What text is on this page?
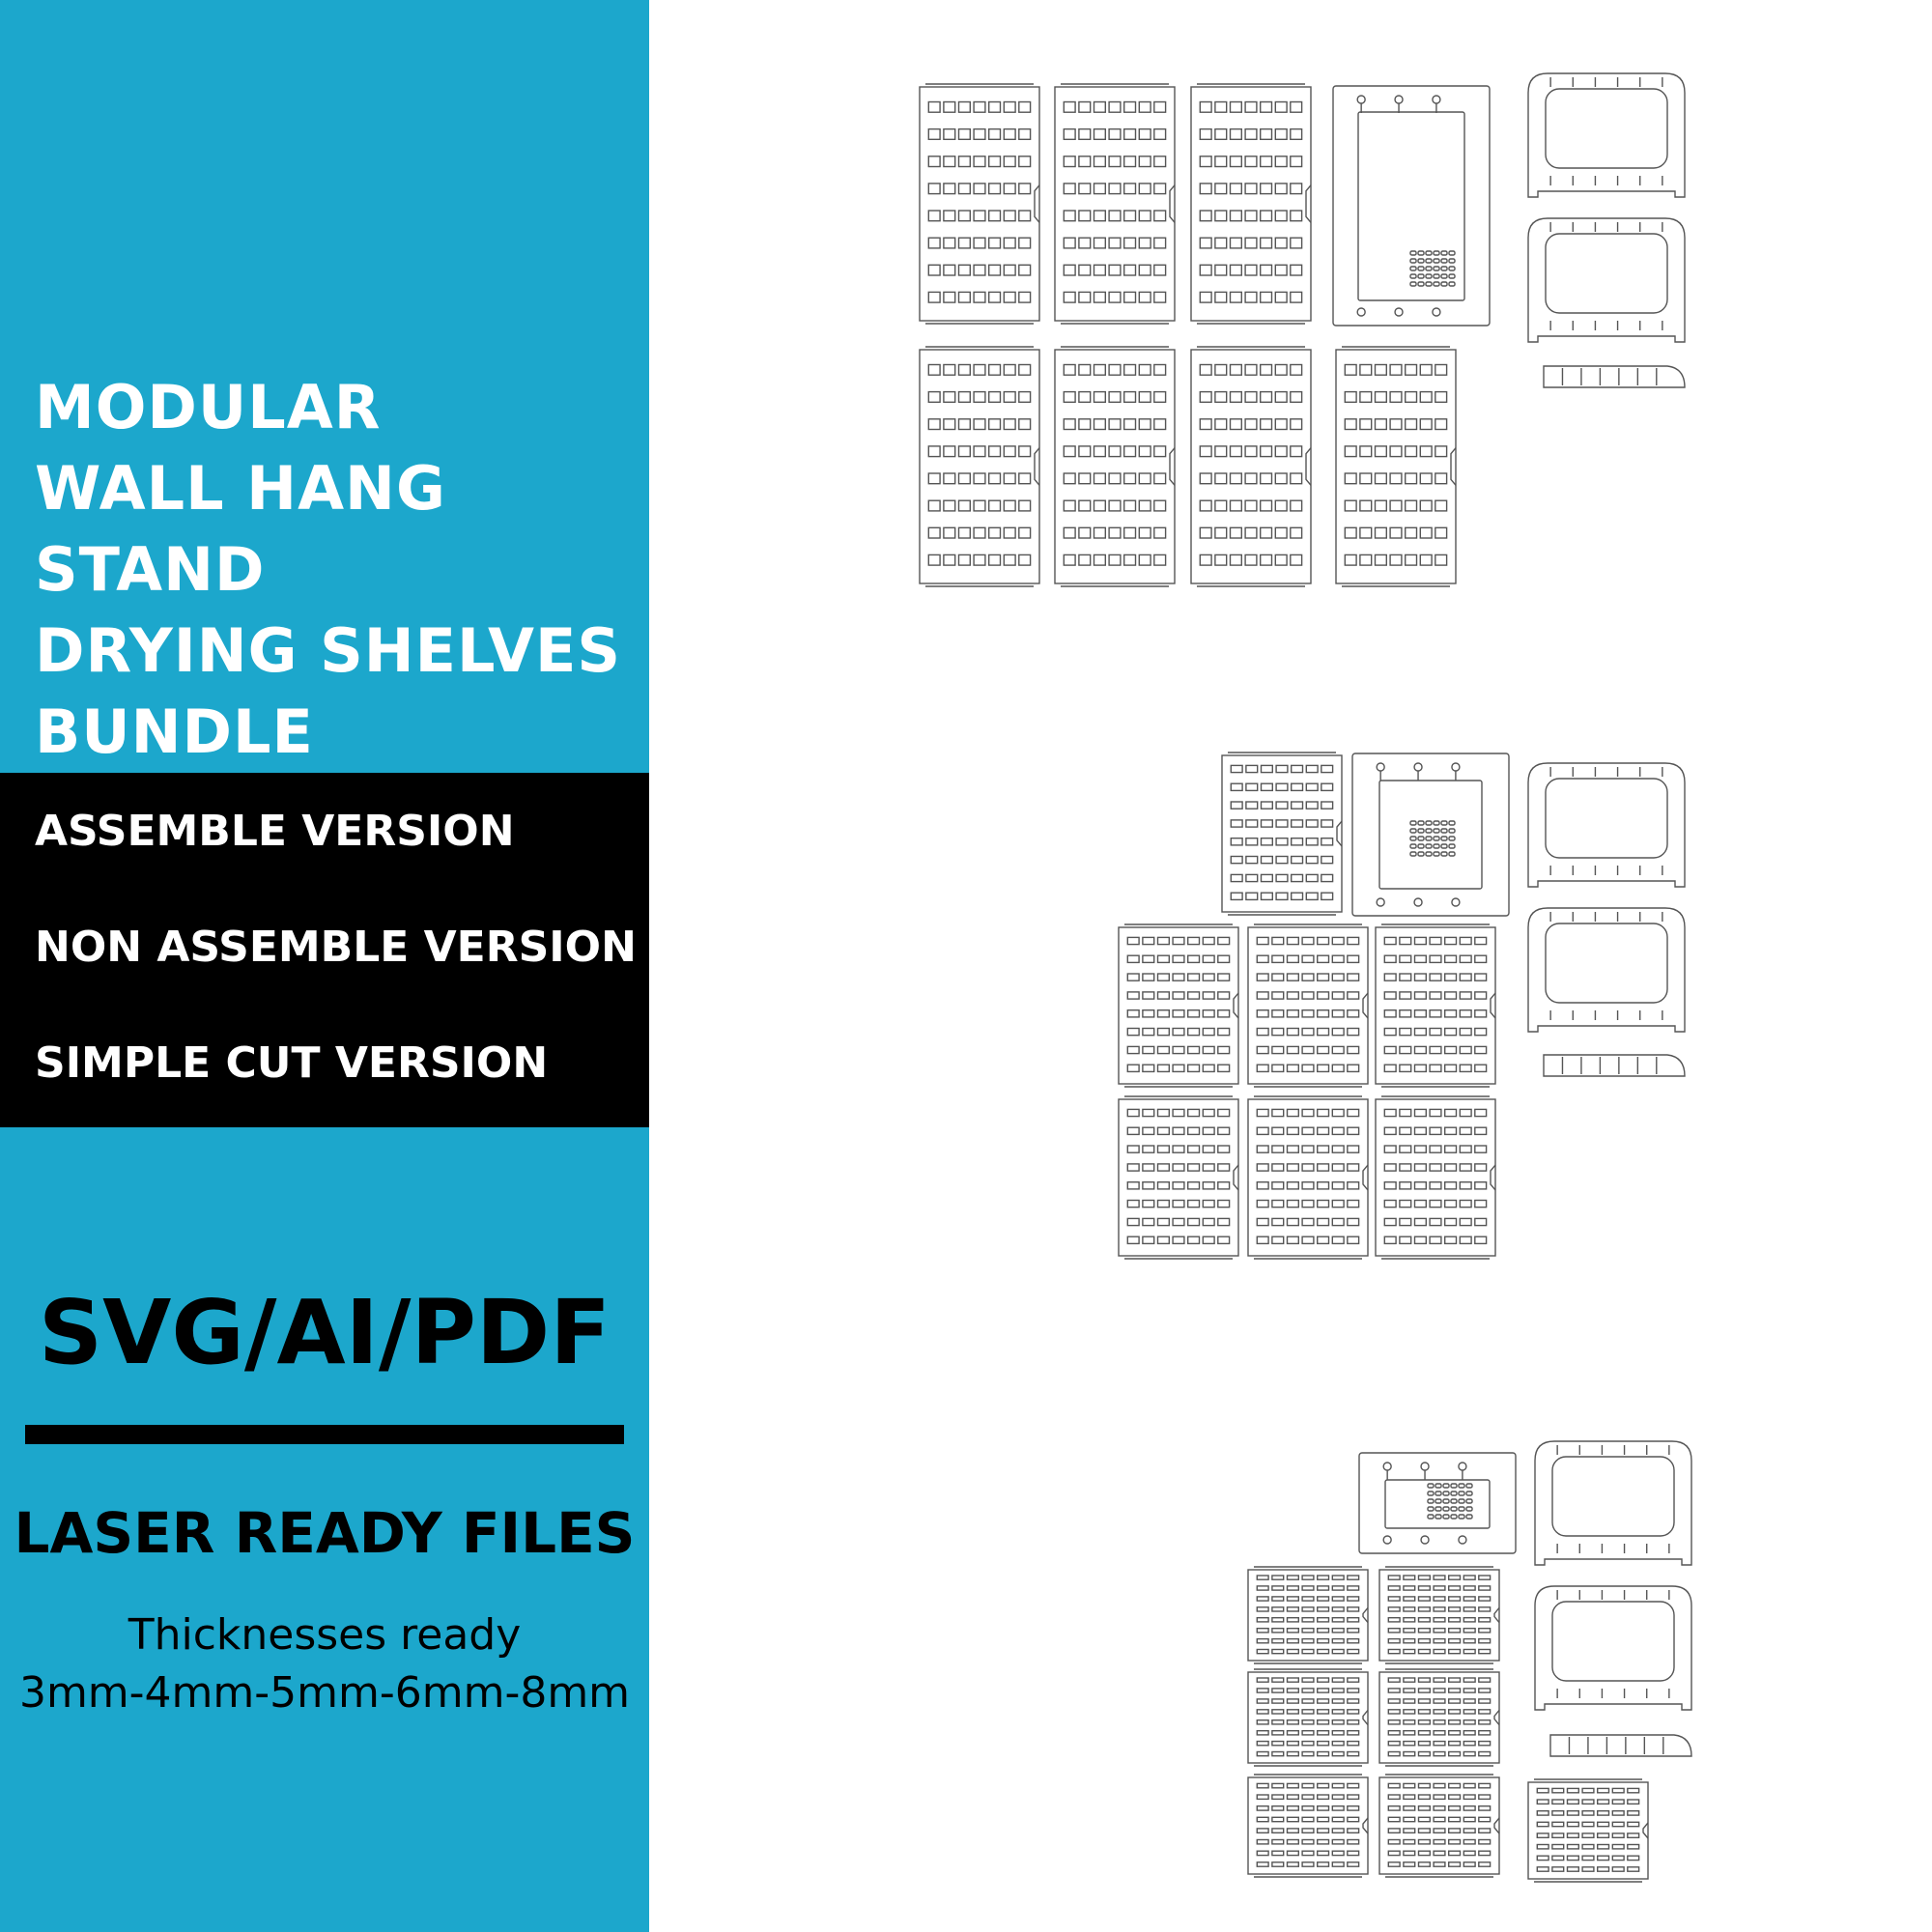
MODULAR
WALL HANG
STAND
DRYING SHELVES
BUNDLE

ASSEMBLE VERSION

NON ASSEMBLE VERSION

SIMPLE CUT VERSION

SVG/AI/PDF
LASER READY FILES
Thicknesses ready
3mm-4mm-5mm-6mm-8mm
